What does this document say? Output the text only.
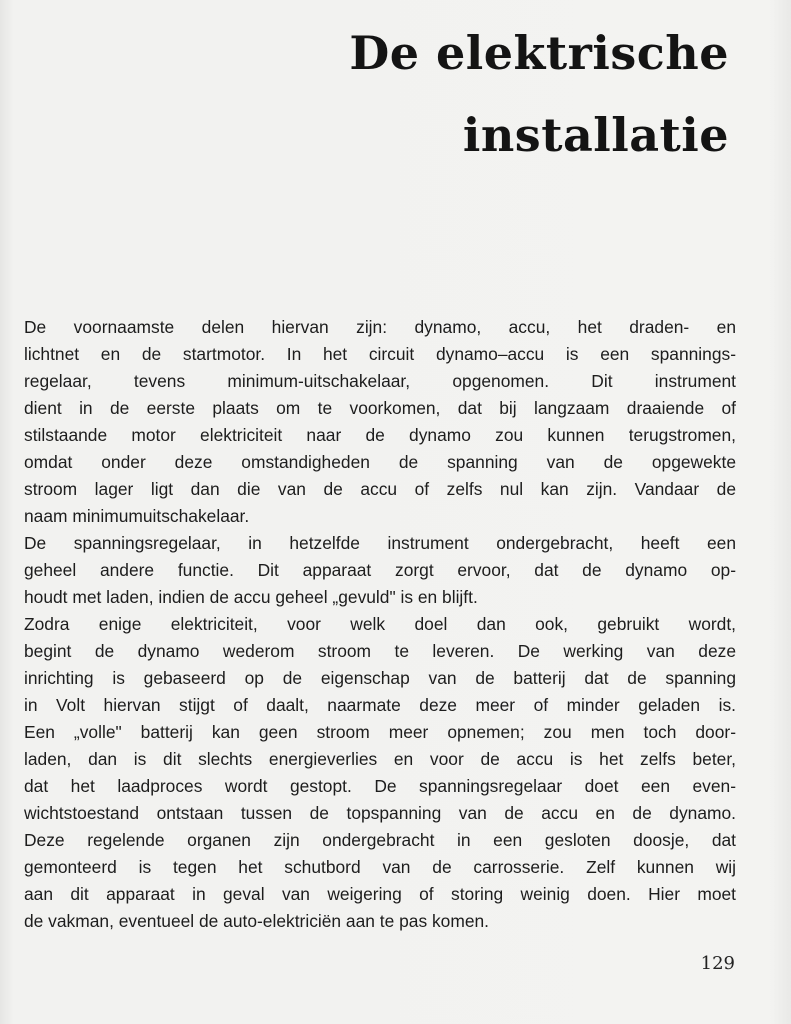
De elektrische
installatie
De voornaamste delen hiervan zijn: dynamo, accu, het draden- en
lichtnet en de startmotor. In het circuit dynamo–accu is een spannings-
regelaar, tevens minimum-uitschakelaar, opgenomen. Dit instrument
dient in de eerste plaats om te voorkomen, dat bij langzaam draaiende of
stilstaande motor elektriciteit naar de dynamo zou kunnen terugstromen,
omdat onder deze omstandigheden de spanning van de opgewekte
stroom lager ligt dan die van de accu of zelfs nul kan zijn. Vandaar de
naam minimumuitschakelaar.
De spanningsregelaar, in hetzelfde instrument ondergebracht, heeft een
geheel andere functie. Dit apparaat zorgt ervoor, dat de dynamo op-
houdt met laden, indien de accu geheel „gevuld" is en blijft.
Zodra enige elektriciteit, voor welk doel dan ook, gebruikt wordt,
begint de dynamo wederom stroom te leveren. De werking van deze
inrichting is gebaseerd op de eigenschap van de batterij dat de spanning
in Volt hiervan stijgt of daalt, naarmate deze meer of minder geladen is.
Een „volle" batterij kan geen stroom meer opnemen; zou men toch door-
laden, dan is dit slechts energieverlies en voor de accu is het zelfs beter,
dat het laadproces wordt gestopt. De spanningsregelaar doet een even-
wichtstoestand ontstaan tussen de topspanning van de accu en de dynamo.
Deze regelende organen zijn ondergebracht in een gesloten doosje, dat
gemonteerd is tegen het schutbord van de carrosserie. Zelf kunnen wij
aan dit apparaat in geval van weigering of storing weinig doen. Hier moet
de vakman, eventueel de auto-elektriciën aan te pas komen.
129
